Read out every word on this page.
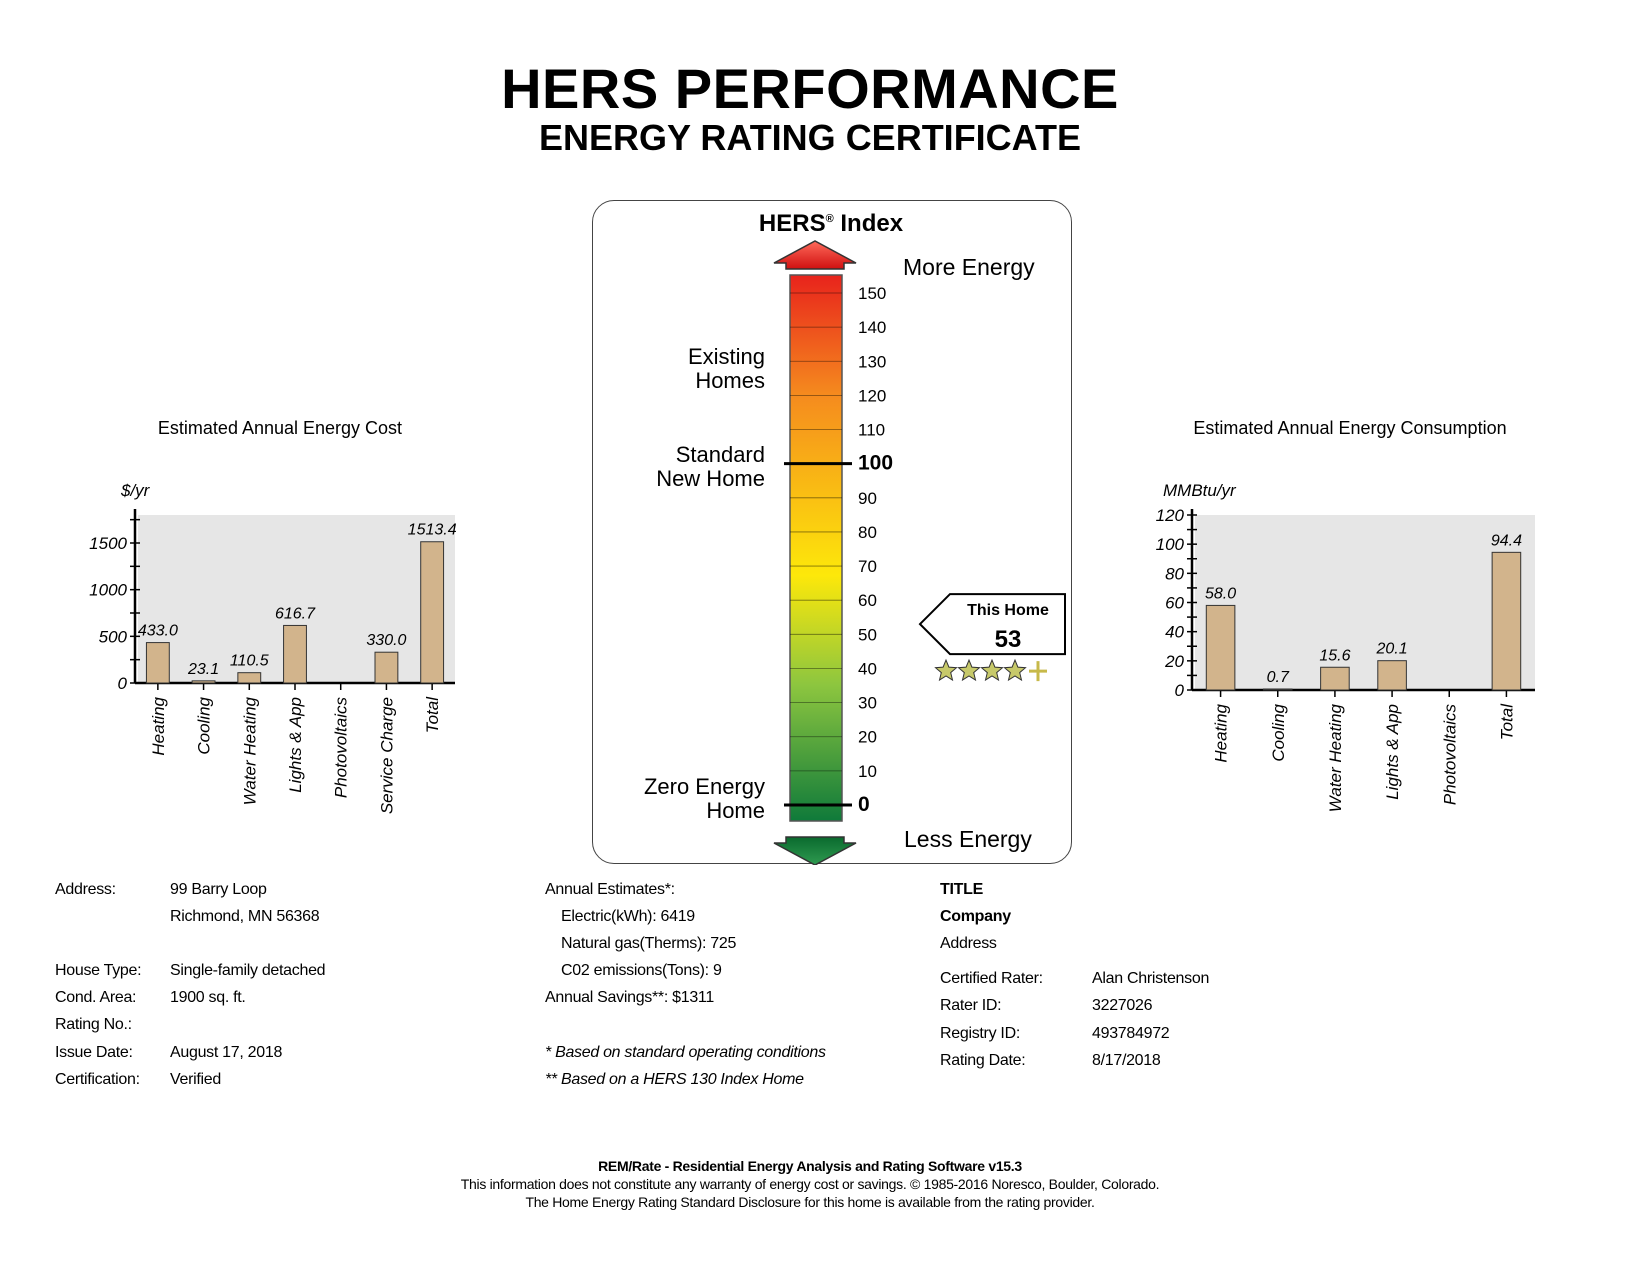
HERS PERFORMANCE
ENERGY RATING CERTIFICATE
Estimated Annual Energy Cost
$/yr
0
500
1000
1500
433.0
Heating
23.1
Cooling
110.5
Water Heating
616.7
Lights & App Photovoltaics
330.0
Service Charge
1513.4
Total
Estimated Annual Energy Consumption
MMBtu/yr
0
20
40
60
80
100
120
58.0
Heating
0.7
Cooling
15.6
Water Heating
20.1
Lights & App Photovoltaics
94.4
Total
HERS® Index
More Energy
Less Energy
Existing
Homes
Standard
New Home
Zero Energy
Home
150
140
130
120
110
100
90
80
70
60
50
40
30
20
10
0
This Home
53
Address:	99 Barry Loop
Richmond, MN 56368
House Type: Single-family detached
Cond. Area: 1900 sq. ft.
Rating No.:
Issue Date: August 17, 2018
Certification: Verified
Annual Estimates*:
Electric(kWh): 6419
Natural gas(Therms): 725
C02 emissions(Tons): 9
Annual Savings**: $1311
* Based on standard operating conditions
** Based on a HERS 130 Index Home
TITLE
Company
Address
Certified Rater:	Alan Christenson
Rater ID:	3227026
Registry ID:	493784972
Rating Date:	8/17/2018
REM/Rate - Residential Energy Analysis and Rating Software v15.3
This information does not constitute any warranty of energy cost or savings. © 1985-2016 Noresco, Boulder, Colorado.
The Home Energy Rating Standard Disclosure for this home is available from the rating provider.
